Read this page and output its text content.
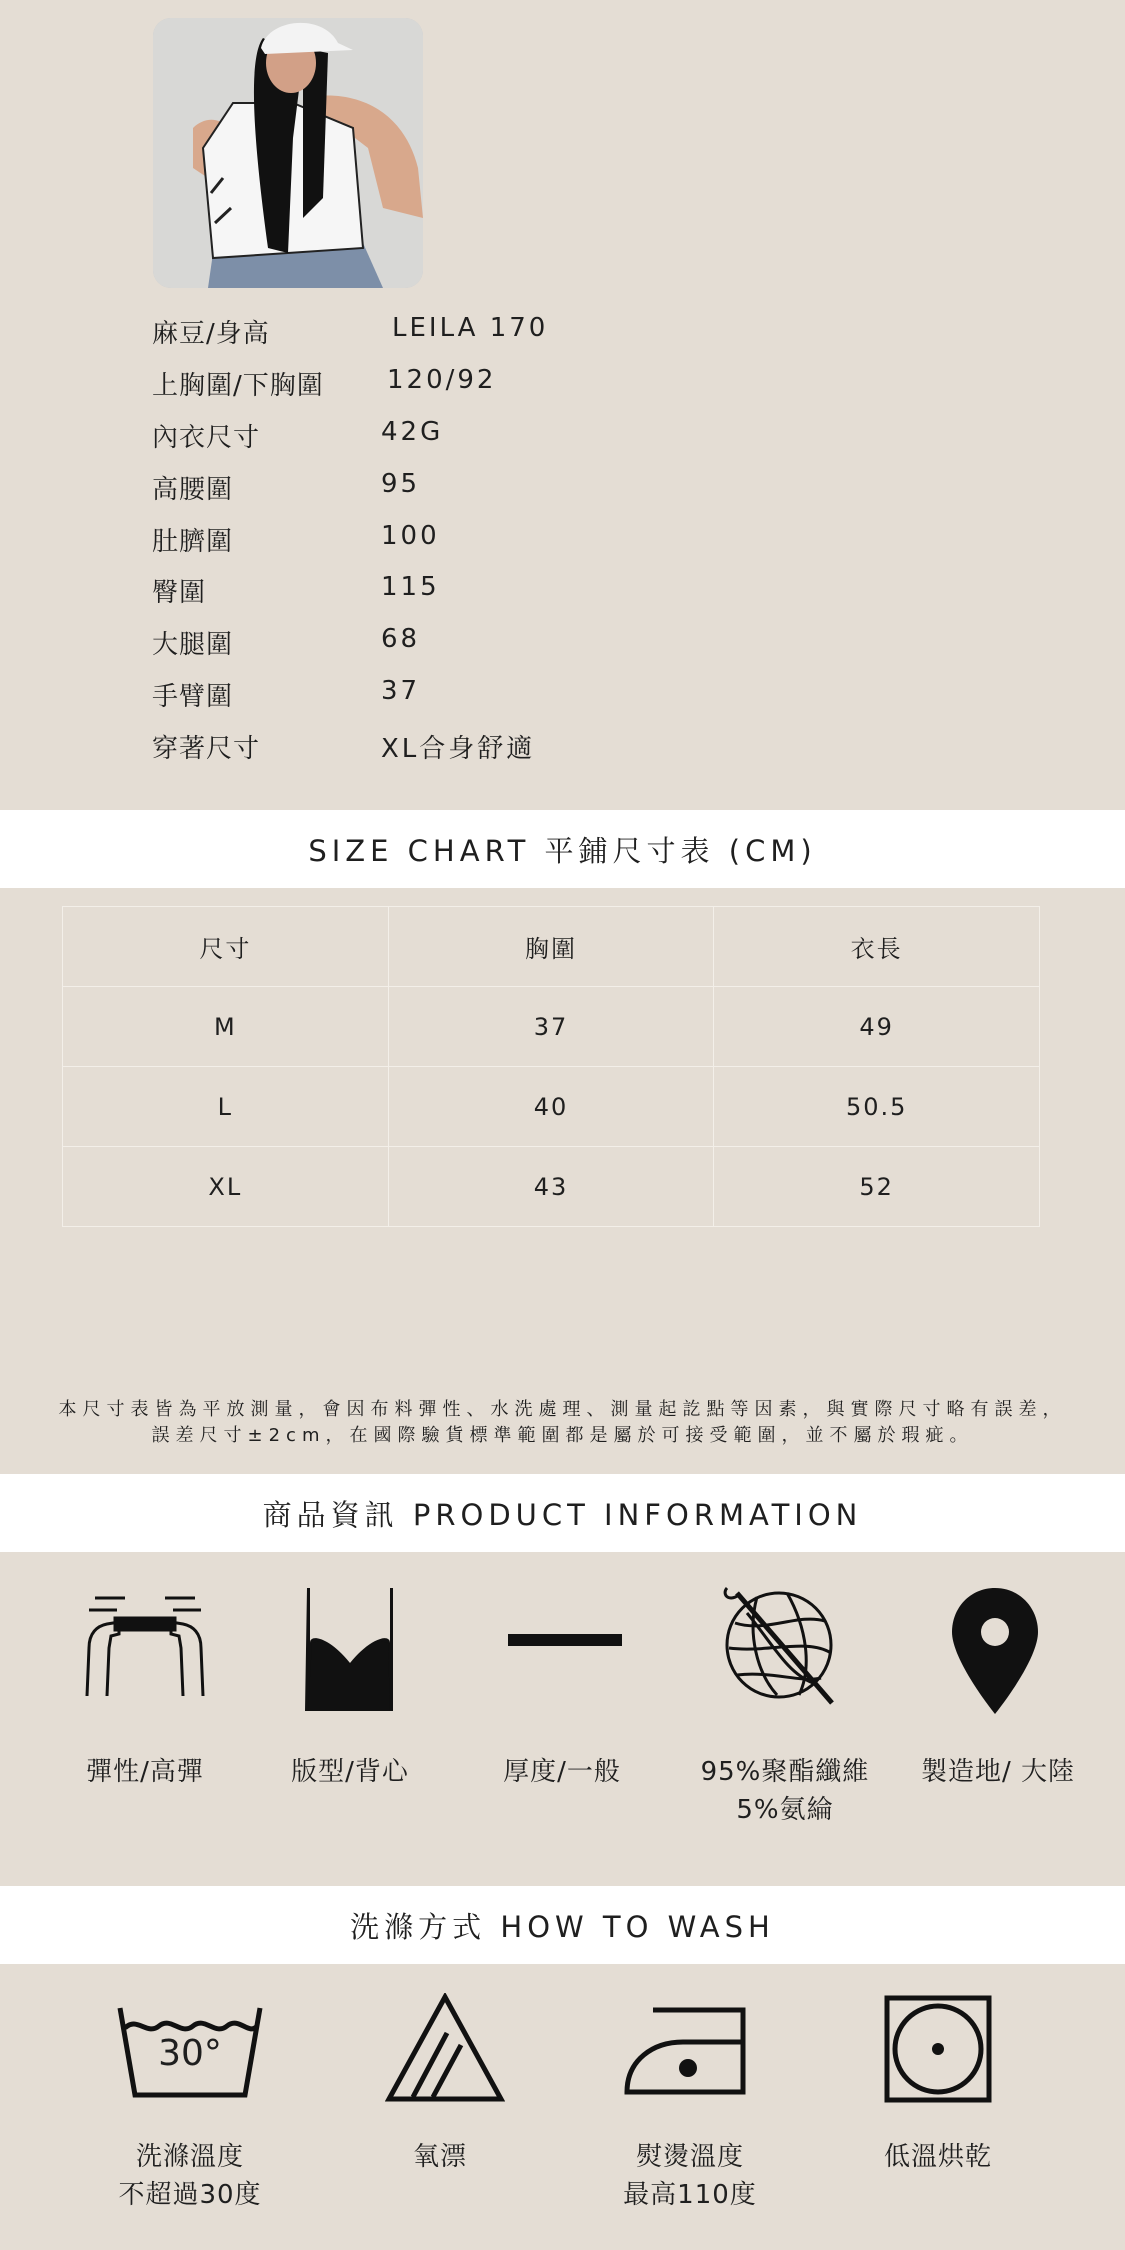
麻豆/身高	LEILA 170
上胸圍/下胸圍 120/92
內衣尺寸	42G
高腰圍	95
肚臍圍	100
臀圍	115
大腿圍	68
手臂圍	37
穿著尺寸	XL合身舒適
SIZE CHART 平鋪尺寸表 (CM)
尺寸	胸圍	衣長
M	37	49
L	40	50.5
XL	43	52
本尺寸表皆為平放測量，會因布料彈性、水洗處理、測量起訖點等因素，與實際尺寸略有誤差，
誤差尺寸±2cm，在國際驗貨標準範圍都是屬於可接受範圍，並不屬於瑕疵。
商品資訊 PRODUCT INFORMATION
彈性/高彈	版型/背心	厚度/一般	95%聚酯纖維
5%氨綸
製造地/ 大陸
洗滌方式 HOW TO WASH
30°
洗滌溫度
不超過30度
氧漂	熨燙溫度
最高110度
低溫烘乾
